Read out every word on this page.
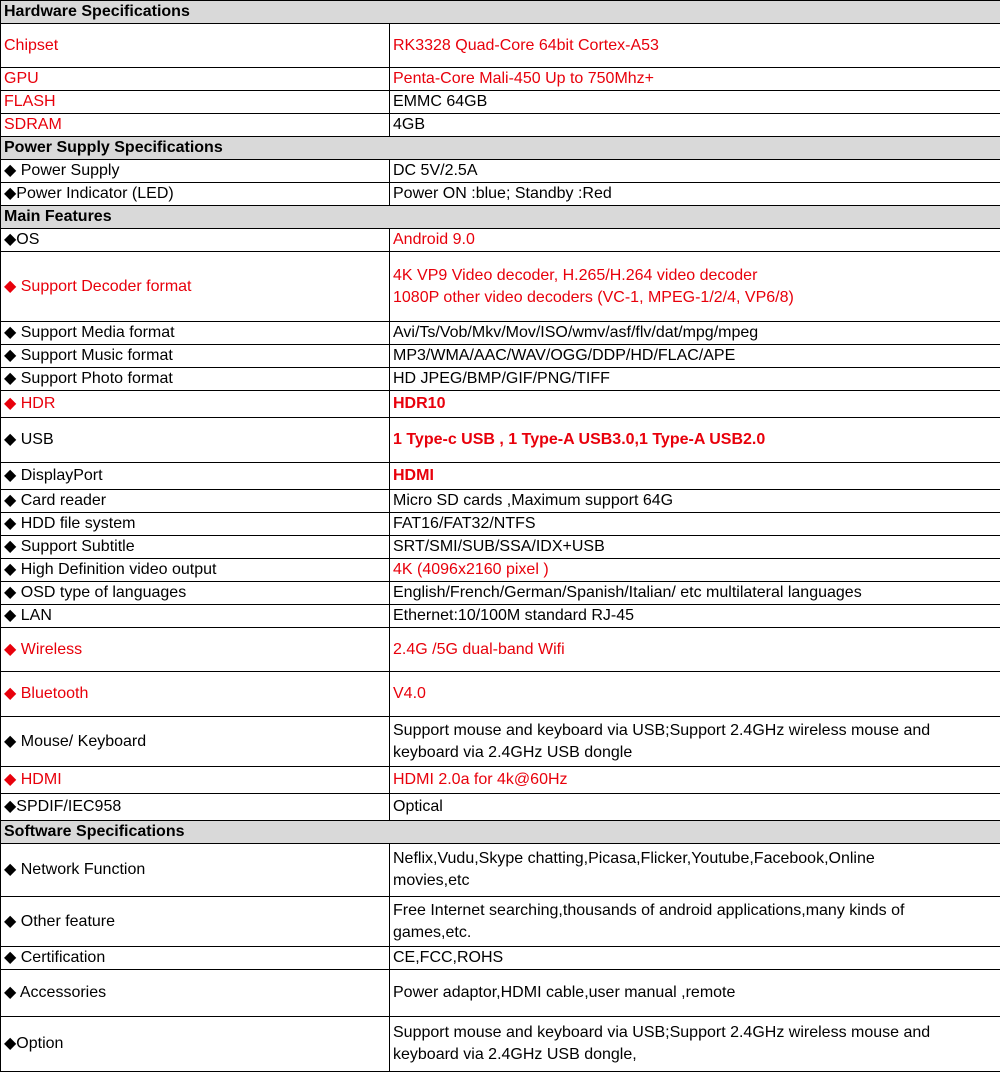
Hardware Specifications	
Chipset	RK3328 Quad-Core 64bit Cortex-A53
GPU	Penta-Core Mali-450 Up to 750Mhz+
FLASH	EMMC 64GB
SDRAM	4GB
Power Supply Specifications	
◆ Power Supply	DC 5V/2.5A
◆Power Indicator (LED)	Power ON :blue; Standby :Red
Main Features	
◆OS	Android 9.0
◆ Support Decoder format	4K VP9 Video decoder, H.265/H.264 video decoder
1080P other video decoders (VC-1, MPEG-1/2/4, VP6/8)

◆ Support Media format	Avi/Ts/Vob/Mkv/Mov/ISO/wmv/asf/flv/dat/mpg/mpeg
◆ Support Music format	MP3/WMA/AAC/WAV/OGG/DDP/HD/FLAC/APE
◆ Support Photo format	HD JPEG/BMP/GIF/PNG/TIFF
◆ HDR	HDR10
◆ USB	1 Type-c USB , 1 Type-A USB3.0,1 Type-A USB2.0
◆ DisplayPort	HDMI
◆ Card reader	Micro SD cards ,Maximum support 64G
◆ HDD file system	FAT16/FAT32/NTFS
◆ Support Subtitle	SRT/SMI/SUB/SSA/IDX+USB
◆ High Definition video output	4K (4096x2160 pixel )
◆ OSD type of languages	English/French/German/Spanish/Italian/ etc multilateral languages
◆ LAN	Ethernet:10/100M standard RJ-45
◆ Wireless	2.4G /5G dual-band Wifi
◆ Bluetooth	V4.0
◆ Mouse/ Keyboard	Support mouse and keyboard via USB;Support 2.4GHz wireless mouse and
keyboard via 2.4GHz USB dongle

◆ HDMI	HDMI 2.0a for 4k@60Hz
◆SPDIF/IEC958	Optical
Software Specifications	
◆ Network Function	Neflix,Vudu,Skype chatting,Picasa,Flicker,Youtube,Facebook,Online
movies,etc

◆ Other feature	Free Internet searching,thousands of android applications,many kinds of
games,etc.

◆ Certification	CE,FCC,ROHS
◆ Accessories	Power adaptor,HDMI cable,user manual ,remote
◆Option	Support mouse and keyboard via USB;Support 2.4GHz wireless mouse and
keyboard via 2.4GHz USB dongle,
